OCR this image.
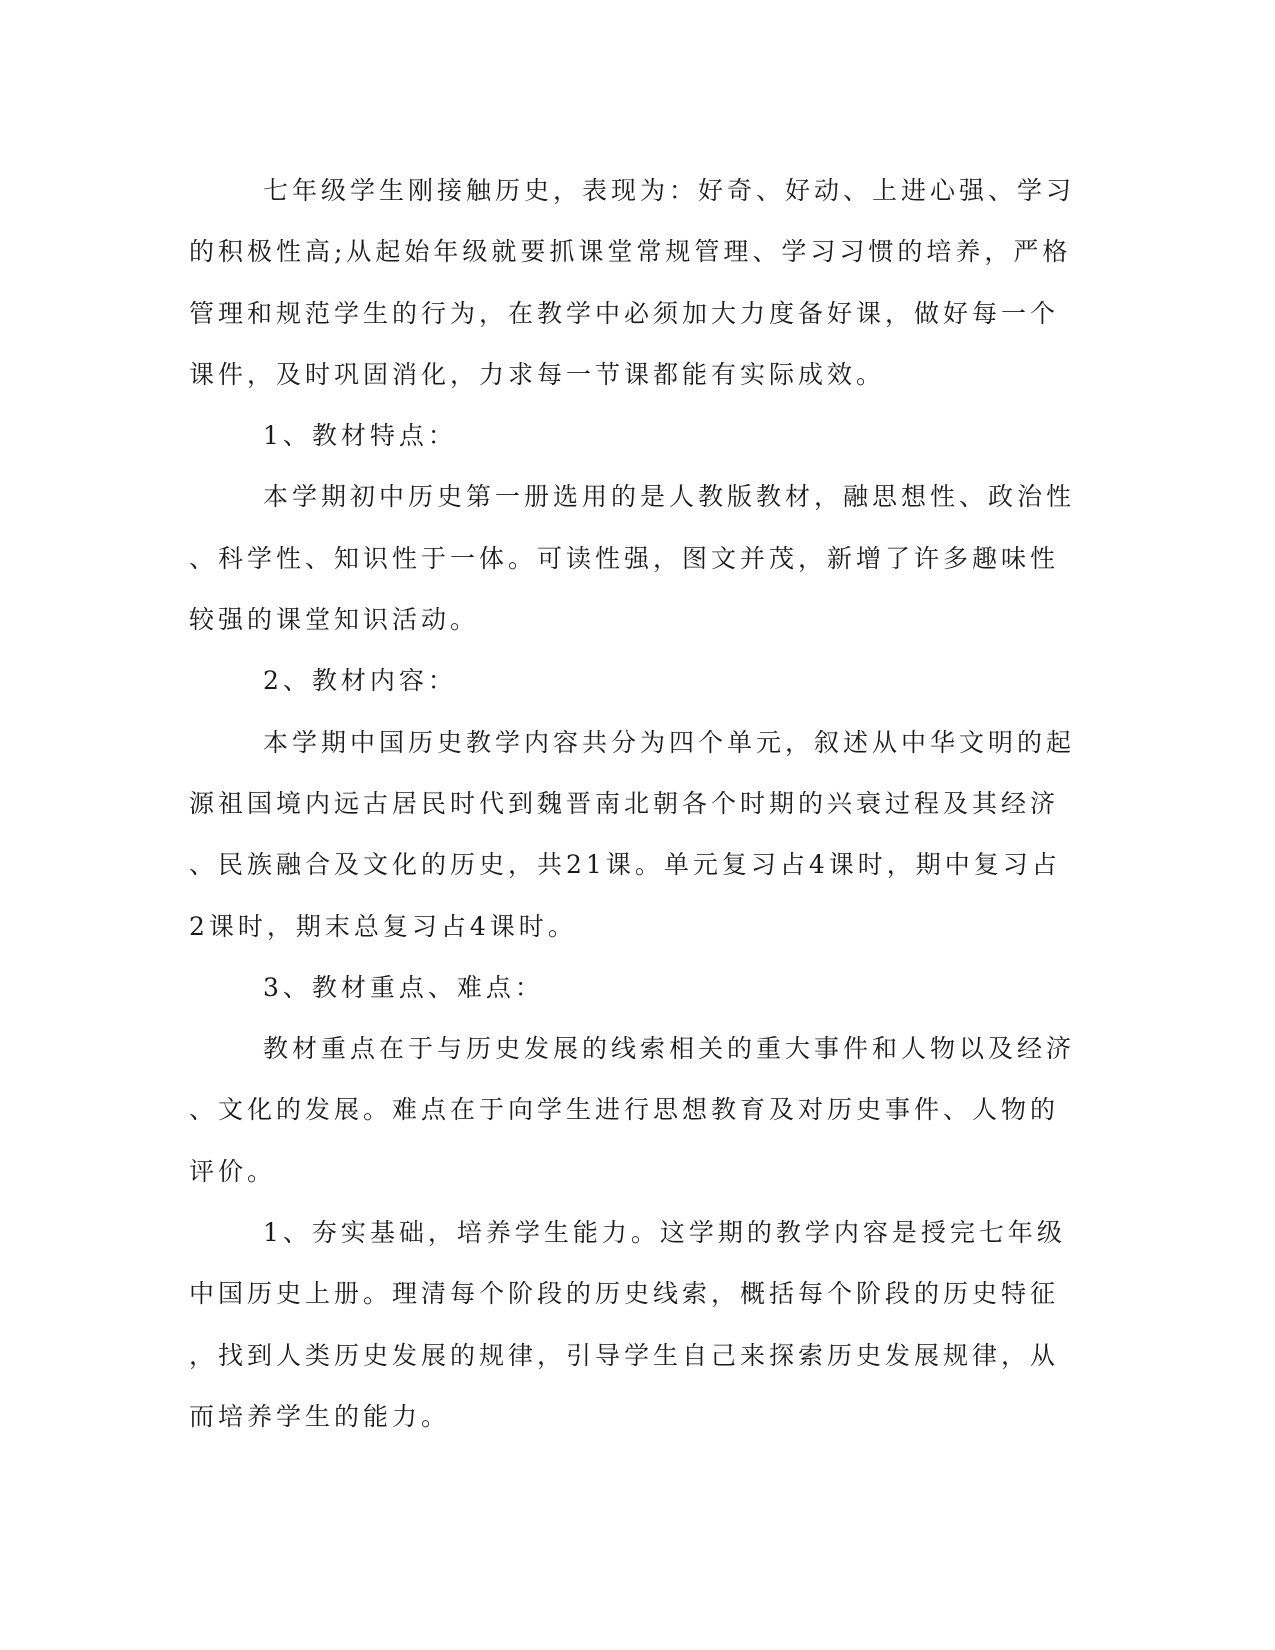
七年级学生刚接触历史，表现为：好奇、好动、上进心强、学习
的积极性高;从起始年级就要抓课堂常规管理、学习习惯的培养，严格
管理和规范学生的行为，在教学中必须加大力度备好课，做好每一个
课件，及时巩固消化，力求每一节课都能有实际成效。
1、教材特点：
本学期初中历史第一册选用的是人教版教材，融思想性、政治性
、科学性、知识性于一体。可读性强，图文并茂，新增了许多趣味性
较强的课堂知识活动。
2、教材内容：
本学期中国历史教学内容共分为四个单元，叙述从中华文明的起
源祖国境内远古居民时代到魏晋南北朝各个时期的兴衰过程及其经济
、民族融合及文化的历史，共21课。单元复习占4课时，期中复习占
2课时，期末总复习占4课时。
3、教材重点、难点：
教材重点在于与历史发展的线索相关的重大事件和人物以及经济
、文化的发展。难点在于向学生进行思想教育及对历史事件、人物的
评价。
1、夯实基础，培养学生能力。这学期的教学内容是授完七年级
中国历史上册。理清每个阶段的历史线索，概括每个阶段的历史特征
，找到人类历史发展的规律，引导学生自己来探索历史发展规律，从
而培养学生的能力。
